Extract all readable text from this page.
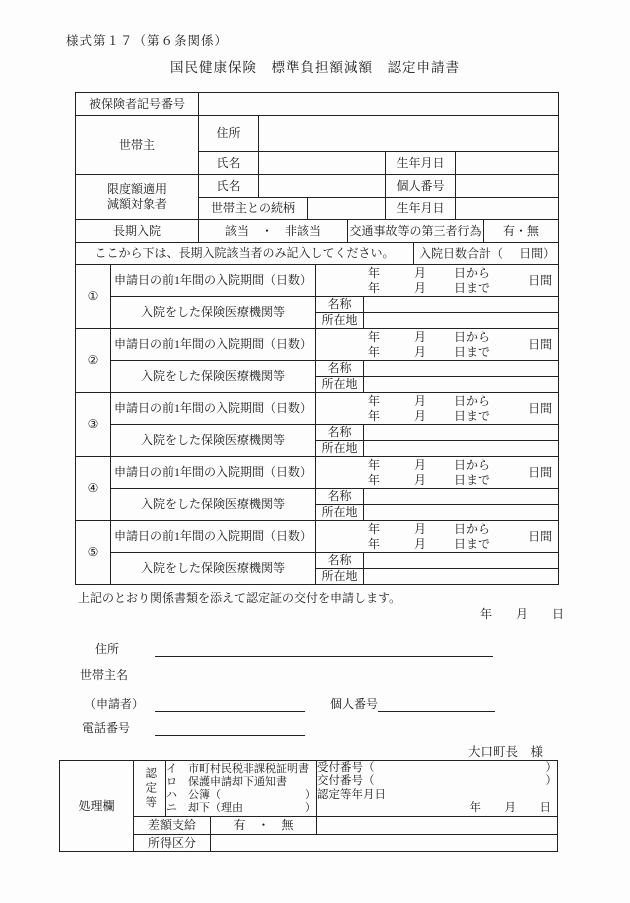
様式第１７（第６条関係）
国民健康保険　標準負担額減額　認定申請書
被保険者記号番号											
世帯主		住所									
		氏名						生年月日			
限度額適用
減額対象者		氏名						個人番号			
		世帯主との続柄						生年月日			
長期入院		該当　・　非該当				交通事故等の第三者行為					有・無
ここから下は、長期入院該当者のみ記入してください。									入院日数合計（ 日間）		

①	申請日の前1年間の入院期間（日数）				年 月 日から
年 月 日まで
日間						

	入院をした保険医療機関等				名称						
					所在地						
②	申請日の前1年間の入院期間（日数）				年 月 日から
年 月 日まで
日間						

	入院をした保険医療機関等				名称						
					所在地						
③	申請日の前1年間の入院期間（日数）				年 月 日から
年 月 日まで
日間						

	入院をした保険医療機関等				名称						
					所在地						
④	申請日の前1年間の入院期間（日数）				年 月 日から
年 月 日まで
日間						

	入院をした保険医療機関等				名称						
					所在地						
⑤	申請日の前1年間の入院期間（日数）				年 月 日から
年 月 日まで
日間						

	入院をした保険医療機関等				名称						
					所在地						
上記のとおり関係書類を添えて認定証の交付を申請します。
年　　月　　日
住所
世帯主名
（申請者）	個人番号
電話番号
大口町長　様
処理欄	認定等	イ　市町村民税非課税証明書
ロ　保護申請却下通知書
ハ　公簿（	）
ニ　却下（理由	）

受付番号（	）
交付番号（	）
認定等年月日
年　月　日

	差額支給		有　・　無	
	所得区分			
